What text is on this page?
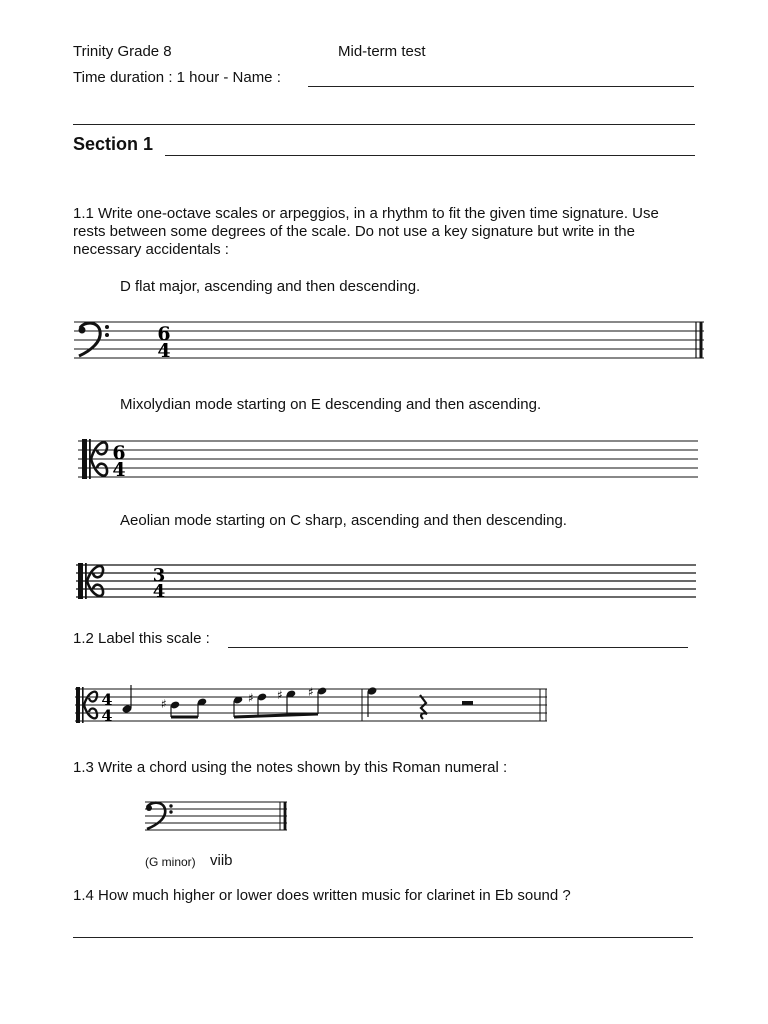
Trinity Grade 8	Mid-term test
Time duration : 1 hour - Name :
Section 1
1.1 Write one-octave scales or arpeggios, in a rhythm to fit the given time signature. Use rests between some degrees of the scale. Do not use a key signature but write in the necessary accidentals :
D flat major, ascending and then descending.
6
4
Mixolydian mode starting on E descending and then ascending.
6
4
Aeolian mode starting on C sharp, ascending and then descending.
3
4
1.2 Label this scale :
4
4
♯	♯ ♯ ♯
1.3 Write a chord using the notes shown by this Roman numeral :
(G minor) viib
1.4 How much higher or lower does written music for clarinet in Eb sound ?
